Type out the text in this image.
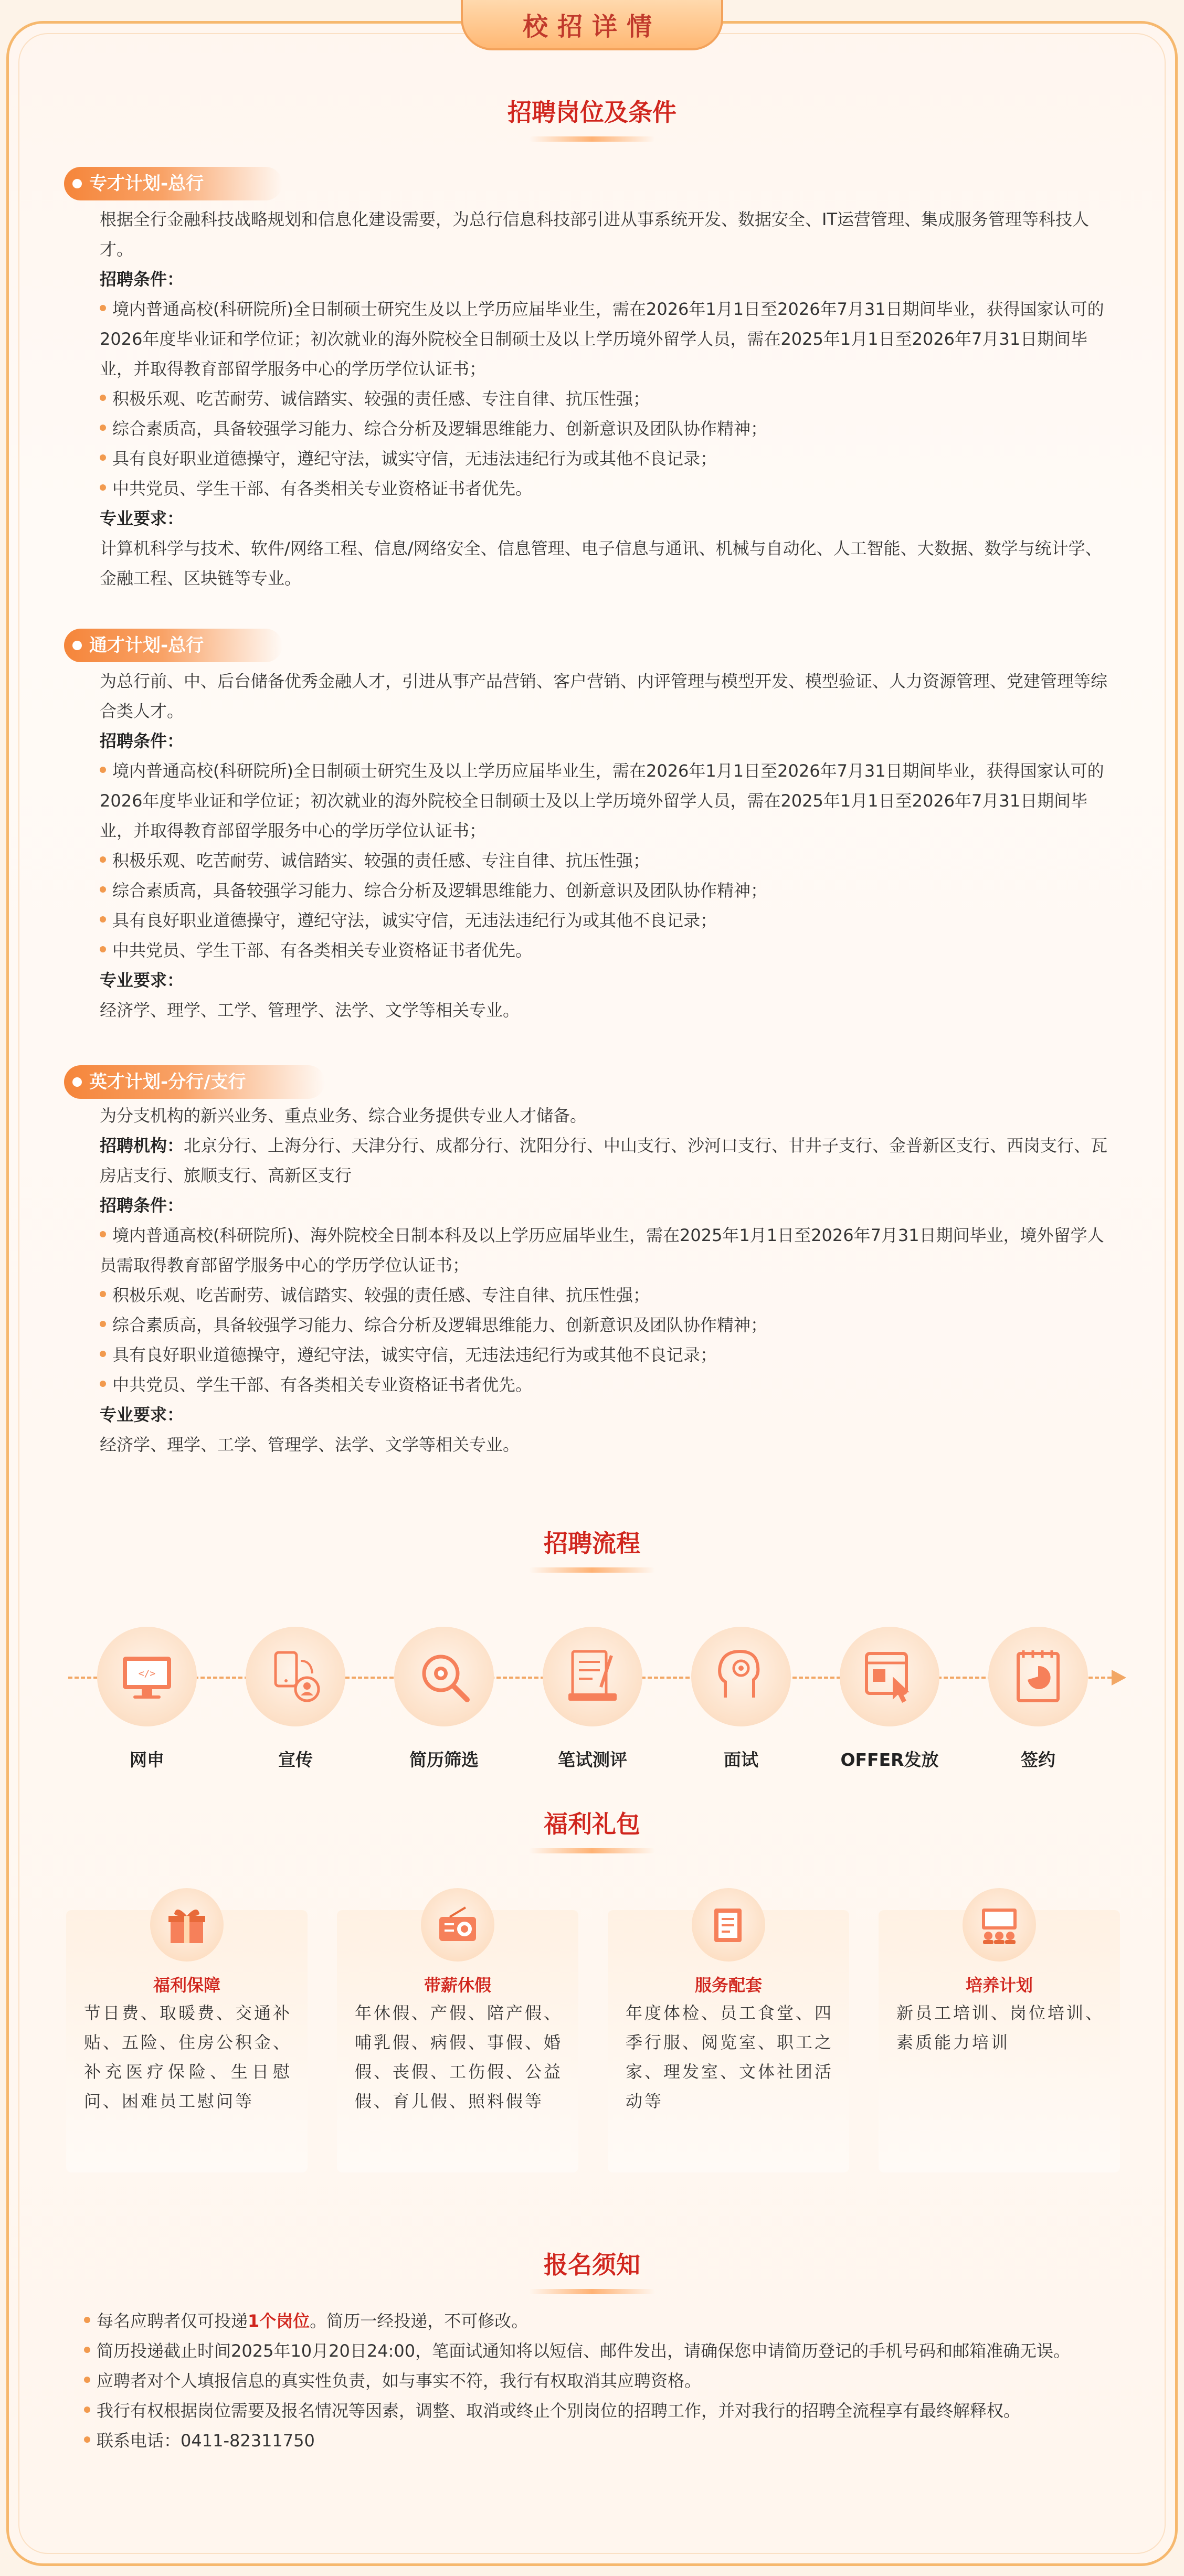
校招详情
招聘岗位及条件
专才计划-总行
根据全行金融科技战略规划和信息化建设需要，为总行信息科技部引进从事系统开发、数据安全、IT运营管理、集成服务管理等科技人才。
招聘条件：
境内普通高校(科研院所)全日制硕士研究生及以上学历应届毕业生，需在2026年1月1日至2026年7月31日期间毕业，获得国家认可的2026年度毕业证和学位证；初次就业的海外院校全日制硕士及以上学历境外留学人员，需在2025年1月1日至2026年7月31日期间毕业，并取得教育部留学服务中心的学历学位认证书；
积极乐观、吃苦耐劳、诚信踏实、较强的责任感、专注自律、抗压性强；
综合素质高，具备较强学习能力、综合分析及逻辑思维能力、创新意识及团队协作精神；
具有良好职业道德操守，遵纪守法，诚实守信，无违法违纪行为或其他不良记录；
中共党员、学生干部、有各类相关专业资格证书者优先。
专业要求：
计算机科学与技术、软件/网络工程、信息/网络安全、信息管理、电子信息与通讯、机械与自动化、人工智能、大数据、数学与统计学、金融工程、区块链等专业。
通才计划-总行
为总行前、中、后台储备优秀金融人才，引进从事产品营销、客户营销、内评管理与模型开发、模型验证、人力资源管理、党建管理等综合类人才。
招聘条件：
境内普通高校(科研院所)全日制硕士研究生及以上学历应届毕业生，需在2026年1月1日至2026年7月31日期间毕业，获得国家认可的2026年度毕业证和学位证；初次就业的海外院校全日制硕士及以上学历境外留学人员，需在2025年1月1日至2026年7月31日期间毕业，并取得教育部留学服务中心的学历学位认证书；
积极乐观、吃苦耐劳、诚信踏实、较强的责任感、专注自律、抗压性强；
综合素质高，具备较强学习能力、综合分析及逻辑思维能力、创新意识及团队协作精神；
具有良好职业道德操守，遵纪守法，诚实守信，无违法违纪行为或其他不良记录；
中共党员、学生干部、有各类相关专业资格证书者优先。
专业要求：
经济学、理学、工学、管理学、法学、文学等相关专业。
英才计划-分行/支行
为分支机构的新兴业务、重点业务、综合业务提供专业人才储备。
招聘机构：北京分行、上海分行、天津分行、成都分行、沈阳分行、中山支行、沙河口支行、甘井子支行、金普新区支行、西岗支行、瓦房店支行、旅顺支行、高新区支行
招聘条件：
境内普通高校(科研院所)、海外院校全日制本科及以上学历应届毕业生，需在2025年1月1日至2026年7月31日期间毕业，境外留学人员需取得教育部留学服务中心的学历学位认证书；
积极乐观、吃苦耐劳、诚信踏实、较强的责任感、专注自律、抗压性强；
综合素质高，具备较强学习能力、综合分析及逻辑思维能力、创新意识及团队协作精神；
具有良好职业道德操守，遵纪守法，诚实守信，无违法违纪行为或其他不良记录；
中共党员、学生干部、有各类相关专业资格证书者优先。
专业要求：
经济学、理学、工学、管理学、法学、文学等相关专业。
招聘流程
</>
网申	宣传	简历筛选	笔试测评	面试	OFFER发放	签约
福利礼包
福利保障
节日费、取暖费、交通补贴、五险、住房公积金、补充医疗保险、生日慰问、困难员工慰问等
带薪休假
年休假、产假、陪产假、哺乳假、病假、事假、婚假、丧假、工伤假、公益假、育儿假、照料假等
服务配套
年度体检、员工食堂、四季行服、阅览室、职工之家、理发室、文体社团活动等
培养计划
新员工培训、岗位培训、素质能力培训
报名须知
每名应聘者仅可投递1个岗位。简历一经投递，不可修改。
简历投递截止时间2025年10月20日24:00，笔面试通知将以短信、邮件发出，请确保您申请简历登记的手机号码和邮箱准确无误。
应聘者对个人填报信息的真实性负责，如与事实不符，我行有权取消其应聘资格。
我行有权根据岗位需要及报名情况等因素，调整、取消或终止个别岗位的招聘工作，并对我行的招聘全流程享有最终解释权。
联系电话：0411-82311750
